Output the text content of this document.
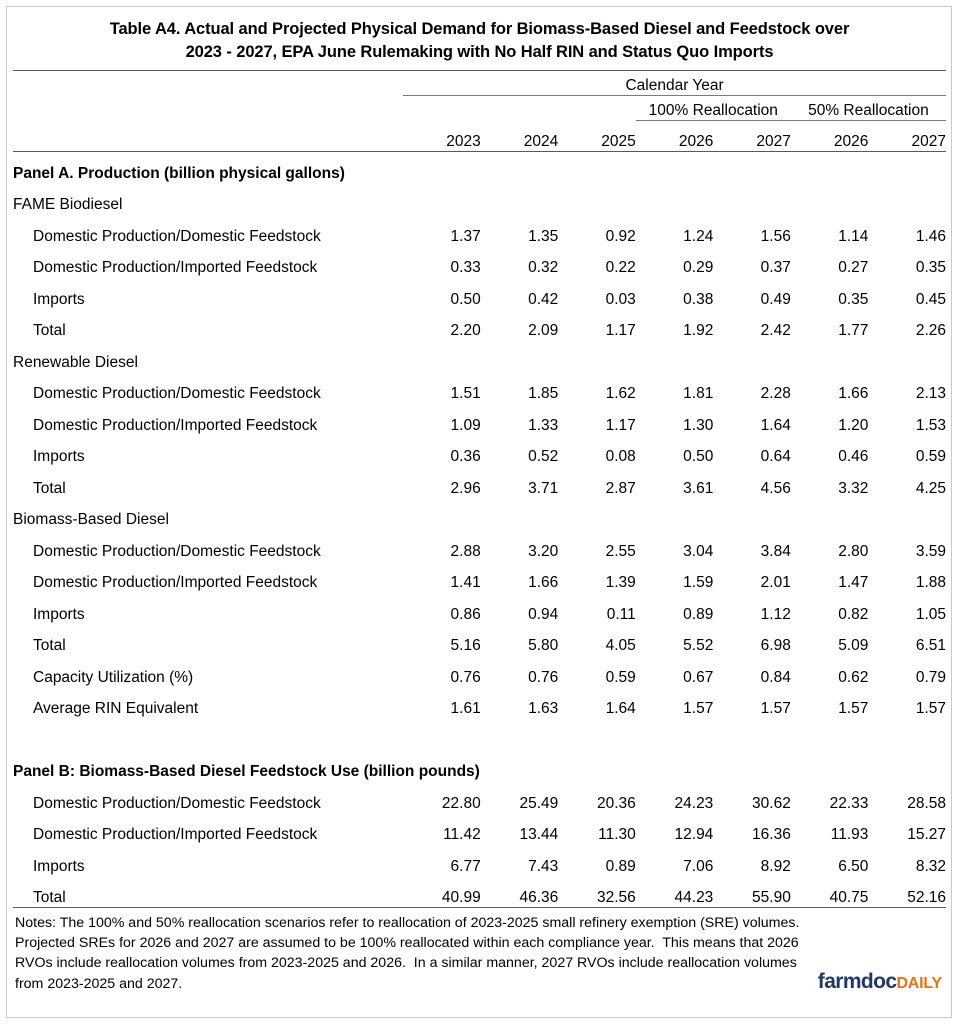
Table A4. Actual and Projected Physical Demand for Biomass-Based Diesel and Feedstock over
2023 - 2027, EPA June Rulemaking with No Half RIN and Status Quo Imports
	Calendar Year						
				100% Reallocation		50% Reallocation	
	2023	2024	2025	2026	2027	2026	2027
Panel A. Production (billion physical gallons)							
FAME Biodiesel							
Domestic Production/Domestic Feedstock	1.37	1.35	0.92	1.24	1.56	1.14	1.46
Domestic Production/Imported Feedstock	0.33	0.32	0.22	0.29	0.37	0.27	0.35
Imports	0.50	0.42	0.03	0.38	0.49	0.35	0.45
Total	2.20	2.09	1.17	1.92	2.42	1.77	2.26
Renewable Diesel							
Domestic Production/Domestic Feedstock	1.51	1.85	1.62	1.81	2.28	1.66	2.13
Domestic Production/Imported Feedstock	1.09	1.33	1.17	1.30	1.64	1.20	1.53
Imports	0.36	0.52	0.08	0.50	0.64	0.46	0.59
Total	2.96	3.71	2.87	3.61	4.56	3.32	4.25
Biomass-Based Diesel							
Domestic Production/Domestic Feedstock	2.88	3.20	2.55	3.04	3.84	2.80	3.59
Domestic Production/Imported Feedstock	1.41	1.66	1.39	1.59	2.01	1.47	1.88
Imports	0.86	0.94	0.11	0.89	1.12	0.82	1.05
Total	5.16	5.80	4.05	5.52	6.98	5.09	6.51
Capacity Utilization (%)	0.76	0.76	0.59	0.67	0.84	0.62	0.79
Average RIN Equivalent	1.61	1.63	1.64	1.57	1.57	1.57	1.57

Panel B: Biomass-Based Diesel Feedstock Use (billion pounds)							
Domestic Production/Domestic Feedstock	22.80	25.49	20.36	24.23	30.62	22.33	28.58
Domestic Production/Imported Feedstock	11.42	13.44	11.30	12.94	16.36	11.93	15.27
Imports	6.77	7.43	0.89	7.06	8.92	6.50	8.32
Total	40.99	46.36	32.56	44.23	55.90	40.75	52.16
Notes: The 100% and 50% reallocation scenarios refer to reallocation of 2023-2025 small refinery exemption (SRE) volumes.
Projected SREs for 2026 and 2027 are assumed to be 100% reallocated within each compliance year.  This means that 2026
RVOs include reallocation volumes from 2023-2025 and 2026.  In a similar manner, 2027 RVOs include reallocation volumes
from 2023-2025 and 2027.	farmdocDAILY
